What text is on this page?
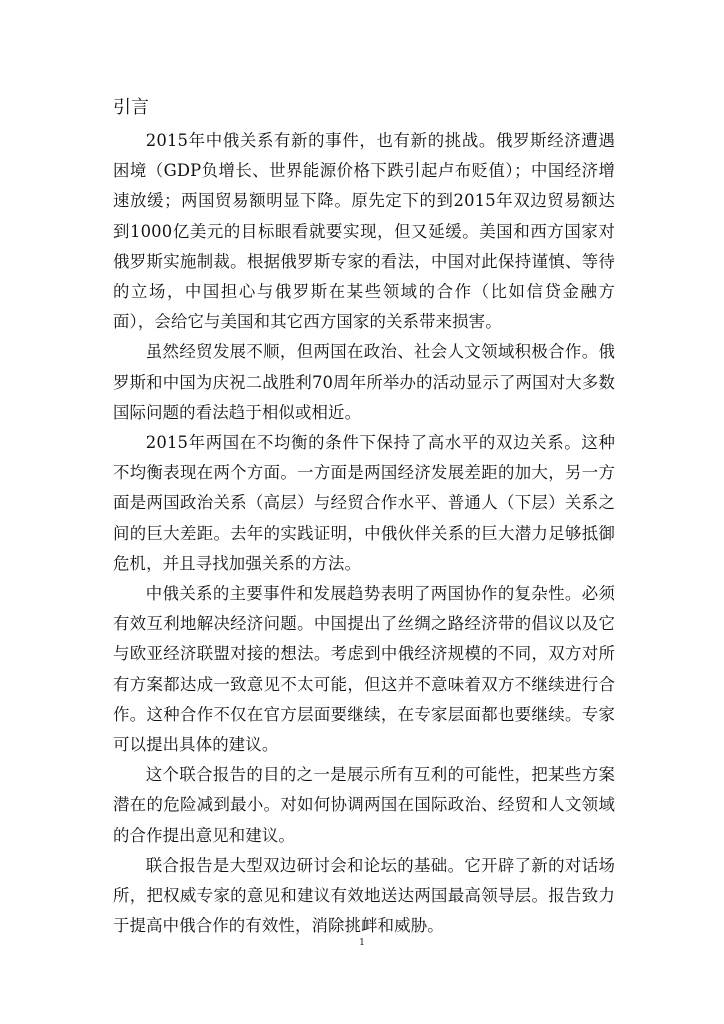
引言

2015年中俄关系有新的事件，也有新的挑战。俄罗斯经济遭遇困境（GDP负增长、世界能源价格下跌引起卢布贬值）；中国经济增速放缓；两国贸易额明显下降。原先定下的到2015年双边贸易额达到1000亿美元的目标眼看就要实现，但又延缓。美国和西方国家对俄罗斯实施制裁。根据俄罗斯专家的看法，中国对此保持谨慎、等待的立场，中国担心与俄罗斯在某些领域的合作（比如信贷金融方面），会给它与美国和其它西方国家的关系带来损害。

虽然经贸发展不顺，但两国在政治、社会人文领域积极合作。俄罗斯和中国为庆祝二战胜利70周年所举办的活动显示了两国对大多数国际问题的看法趋于相似或相近。

2015年两国在不均衡的条件下保持了高水平的双边关系。这种不均衡表现在两个方面。一方面是两国经济发展差距的加大，另一方面是两国政治关系（高层）与经贸合作水平、普通人（下层）关系之间的巨大差距。去年的实践证明，中俄伙伴关系的巨大潜力足够抵御危机，并且寻找加强关系的方法。

中俄关系的主要事件和发展趋势表明了两国协作的复杂性。必须有效互利地解决经济问题。中国提出了丝绸之路经济带的倡议以及它与欧亚经济联盟对接的想法。考虑到中俄经济规模的不同，双方对所有方案都达成一致意见不太可能，但这并不意味着双方不继续进行合作。这种合作不仅在官方层面要继续，在专家层面都也要继续。专家可以提出具体的建议。

这个联合报告的目的之一是展示所有互利的可能性，把某些方案潜在的危险减到最小。对如何协调两国在国际政治、经贸和人文领域的合作提出意见和建议。

联合报告是大型双边研讨会和论坛的基础。它开辟了新的对话场所，把权威专家的意见和建议有效地送达两国最高领导层。报告致力于提高中俄合作的有效性，消除挑衅和威胁。

1
